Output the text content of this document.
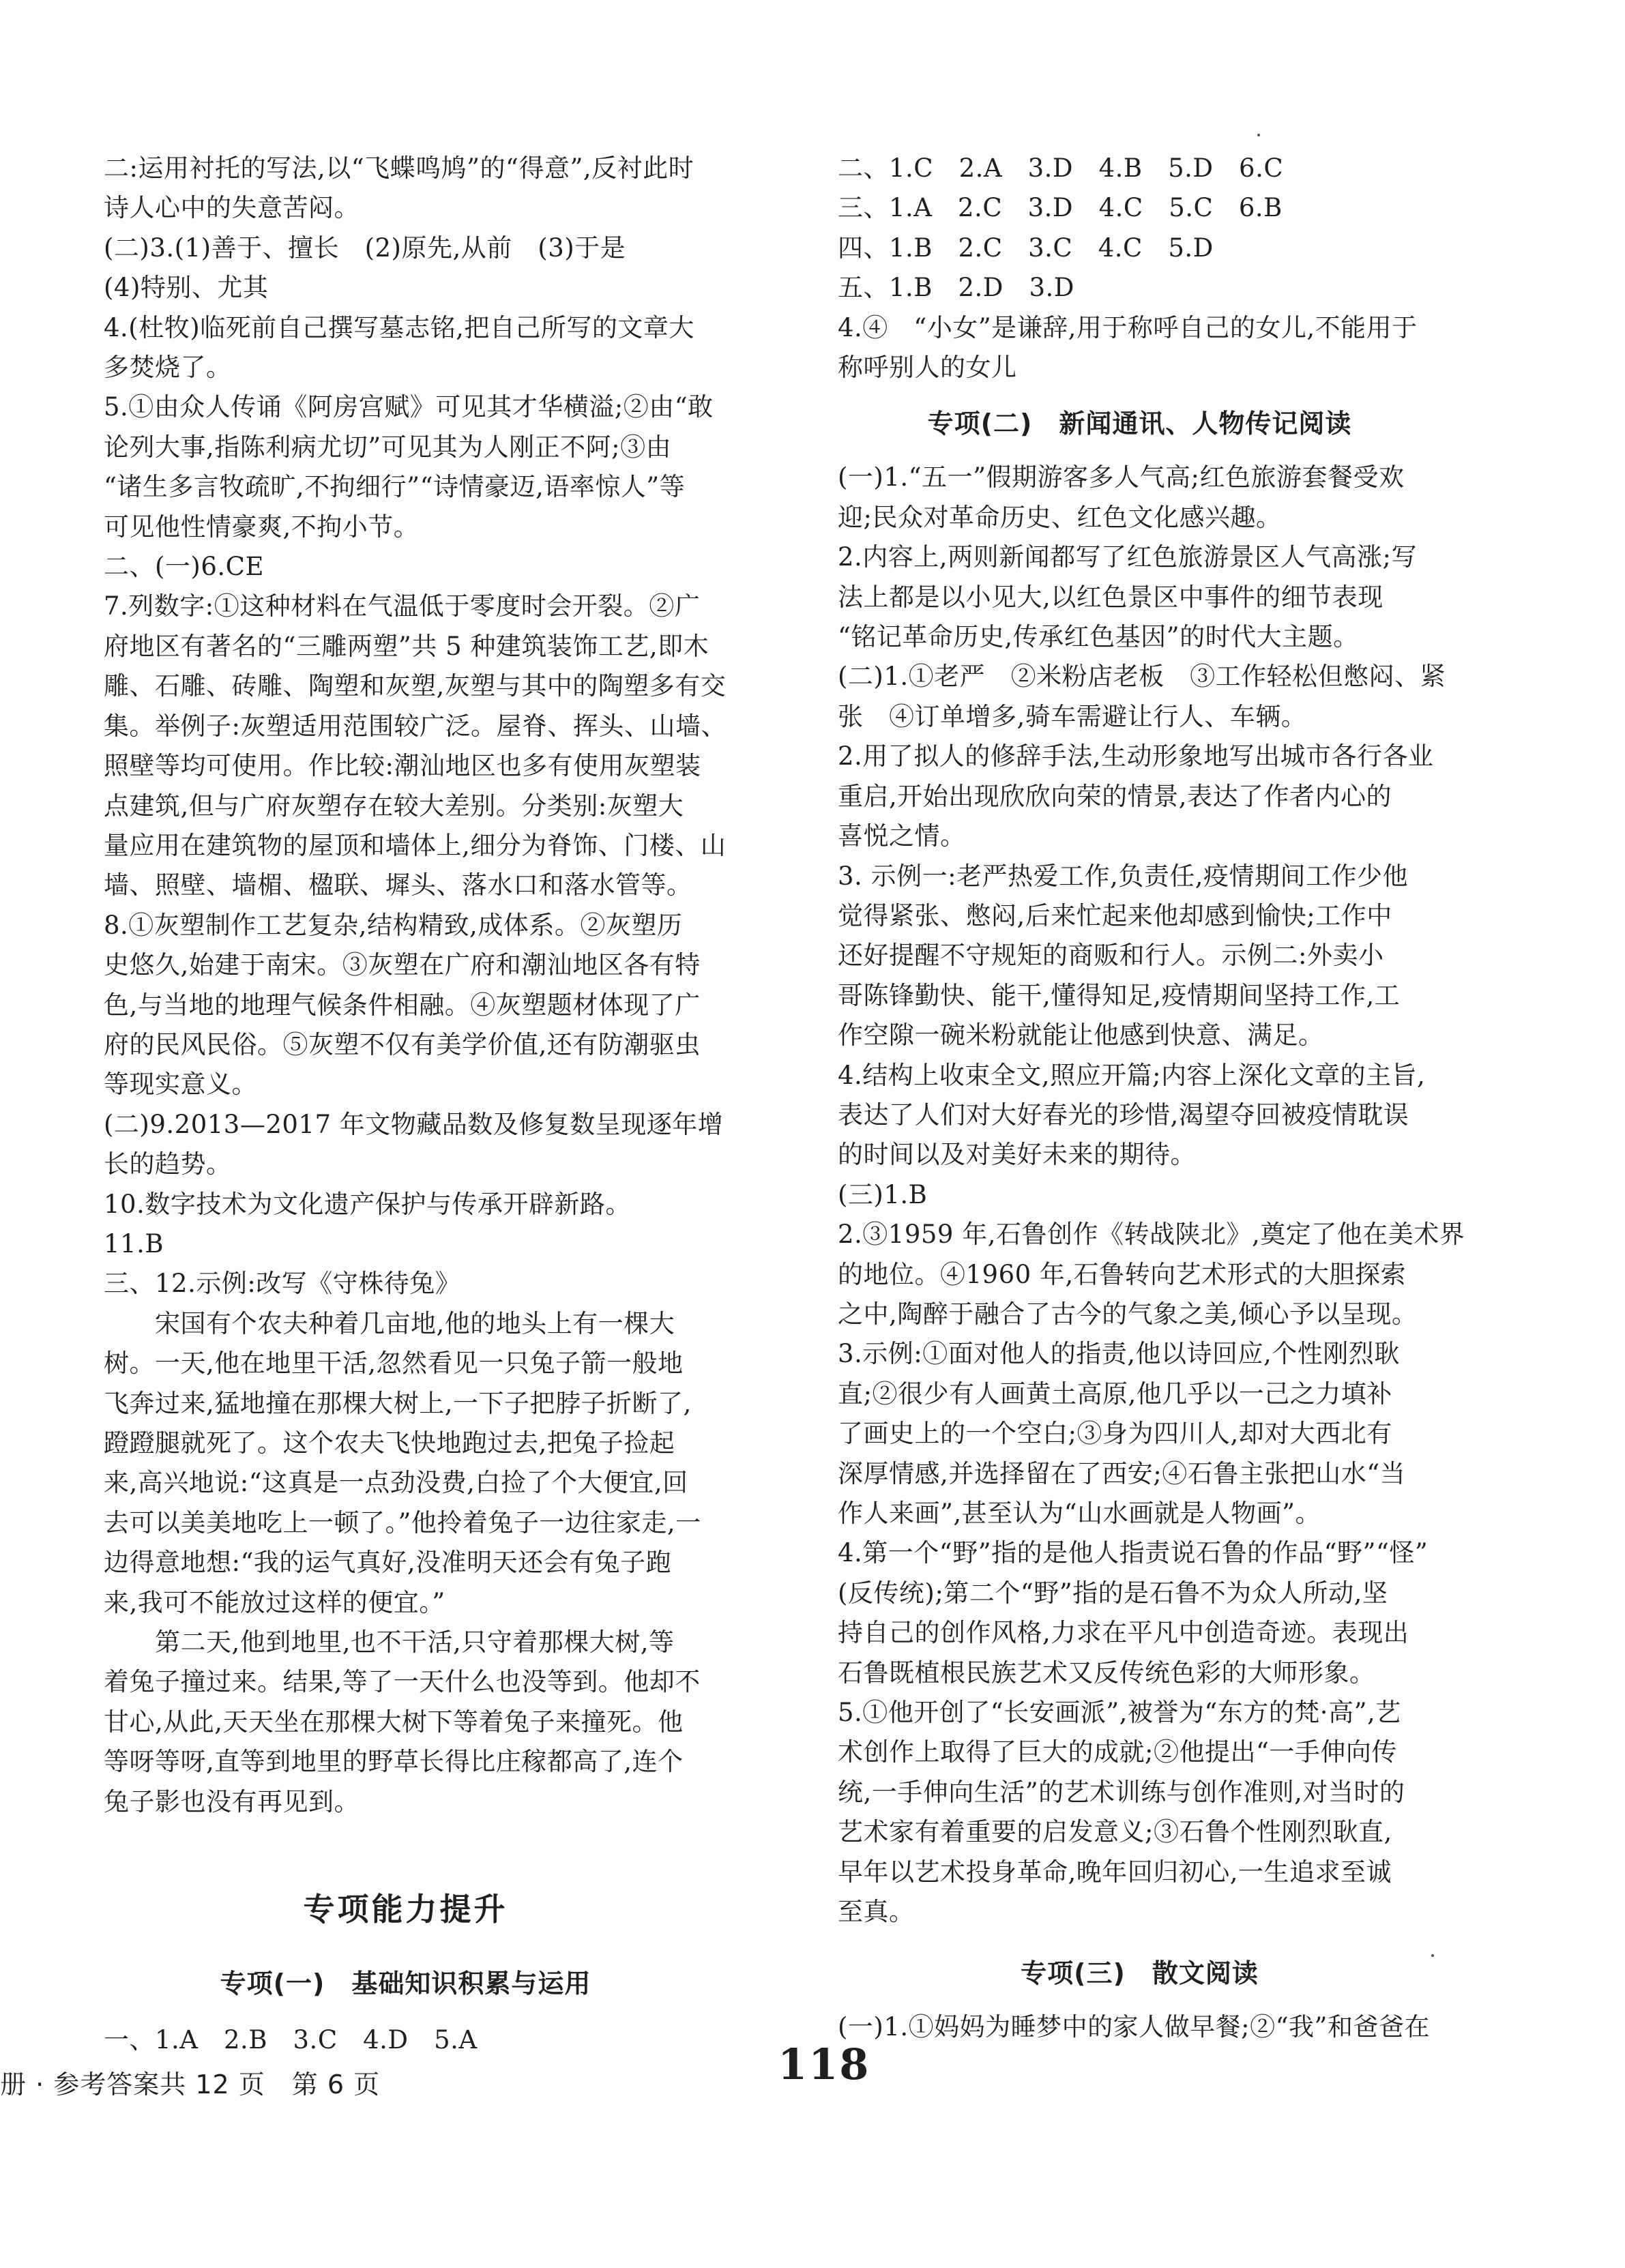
二:运用衬托的写法,以“飞蝶鸣鸠”的“得意”,反衬此时
诗人心中的失意苦闷。
(二)3.(1)善于、擅长　(2)原先,从前　(3)于是
(4)特别、尤其
4.(杜牧)临死前自己撰写墓志铭,把自己所写的文章大
多焚烧了。
5.①由众人传诵《阿房宫赋》可见其才华横溢;②由“敢
论列大事,指陈利病尤切”可见其为人刚正不阿;③由
“诸生多言牧疏旷,不拘细行”“诗情豪迈,语率惊人”等
可见他性情豪爽,不拘小节。
二、(一)6.CE
7.列数字:①这种材料在气温低于零度时会开裂。②广
府地区有著名的“三雕两塑”共 5 种建筑装饰工艺,即木
雕、石雕、砖雕、陶塑和灰塑,灰塑与其中的陶塑多有交
集。举例子:灰塑适用范围较广泛。屋脊、挥头、山墙、
照壁等均可使用。作比较:潮汕地区也多有使用灰塑装
点建筑,但与广府灰塑存在较大差别。分类别:灰塑大
量应用在建筑物的屋顶和墙体上,细分为脊饰、门楼、山
墙、照壁、墙楣、楹联、墀头、落水口和落水管等。
8.①灰塑制作工艺复杂,结构精致,成体系。②灰塑历
史悠久,始建于南宋。③灰塑在广府和潮汕地区各有特
色,与当地的地理气候条件相融。④灰塑题材体现了广
府的民风民俗。⑤灰塑不仅有美学价值,还有防潮驱虫
等现实意义。
(二)9.2013—2017 年文物藏品数及修复数呈现逐年增
长的趋势。
10.数字技术为文化遗产保护与传承开辟新路。
11.B
三、12.示例:改写《守株待兔》
　　宋国有个农夫种着几亩地,他的地头上有一棵大
树。一天,他在地里干活,忽然看见一只兔子箭一般地
飞奔过来,猛地撞在那棵大树上,一下子把脖子折断了,
蹬蹬腿就死了。这个农夫飞快地跑过去,把兔子捡起
来,高兴地说:“这真是一点劲没费,白捡了个大便宜,回
去可以美美地吃上一顿了。”他拎着兔子一边往家走,一
边得意地想:“我的运气真好,没准明天还会有兔子跑
来,我可不能放过这样的便宜。”
　　第二天,他到地里,也不干活,只守着那棵大树,等
着兔子撞过来。结果,等了一天什么也没等到。他却不
甘心,从此,天天坐在那棵大树下等着兔子来撞死。他
等呀等呀,直等到地里的野草长得比庄稼都高了,连个
兔子影也没有再见到。
专项能力提升
专项(一)　基础知识积累与运用
一、1.A　2.B　3.C　4.D　5.A
二、1.C　2.A　3.D　4.B　5.D　6.C
三、1.A　2.C　3.D　4.C　5.C　6.B
四、1.B　2.C　3.C　4.C　5.D
五、1.B　2.D　3.D
4.④　“小女”是谦辞,用于称呼自己的女儿,不能用于
称呼别人的女儿
专项(二)　新闻通讯、人物传记阅读
(一)1.“五一”假期游客多人气高;红色旅游套餐受欢
迎;民众对革命历史、红色文化感兴趣。
2.内容上,两则新闻都写了红色旅游景区人气高涨;写
法上都是以小见大,以红色景区中事件的细节表现
“铭记革命历史,传承红色基因”的时代大主题。
(二)1.①老严　②米粉店老板　③工作轻松但憋闷、紧
张　④订单增多,骑车需避让行人、车辆。
2.用了拟人的修辞手法,生动形象地写出城市各行各业
重启,开始出现欣欣向荣的情景,表达了作者内心的
喜悦之情。
3. 示例一:老严热爱工作,负责任,疫情期间工作少他
觉得紧张、憋闷,后来忙起来他却感到愉快;工作中
还好提醒不守规矩的商贩和行人。示例二:外卖小
哥陈锋勤快、能干,懂得知足,疫情期间坚持工作,工
作空隙一碗米粉就能让他感到快意、满足。
4.结构上收束全文,照应开篇;内容上深化文章的主旨,
表达了人们对大好春光的珍惜,渴望夺回被疫情耽误
的时间以及对美好未来的期待。
(三)1.B
2.③1959 年,石鲁创作《转战陕北》,奠定了他在美术界
的地位。④1960 年,石鲁转向艺术形式的大胆探索
之中,陶醉于融合了古今的气象之美,倾心予以呈现。
3.示例:①面对他人的指责,他以诗回应,个性刚烈耿
直;②很少有人画黄土高原,他几乎以一己之力填补
了画史上的一个空白;③身为四川人,却对大西北有
深厚情感,并选择留在了西安;④石鲁主张把山水“当
作人来画”,甚至认为“山水画就是人物画”。
4.第一个“野”指的是他人指责说石鲁的作品“野”“怪”
(反传统);第二个“野”指的是石鲁不为众人所动,坚
持自己的创作风格,力求在平凡中创造奇迹。表现出
石鲁既植根民族艺术又反传统色彩的大师形象。
5.①他开创了“长安画派”,被誉为“东方的梵·高”,艺
术创作上取得了巨大的成就;②他提出“一手伸向传
统,一手伸向生活”的艺术训练与创作准则,对当时的
艺术家有着重要的启发意义;③石鲁个性刚烈耿直,
早年以艺术投身革命,晚年回归初心,一生追求至诚
至真。
专项(三)　散文阅读
(一)1.①妈妈为睡梦中的家人做早餐;②“我”和爸爸在
册 · 参考答案共 12 页　第 6 页	118
